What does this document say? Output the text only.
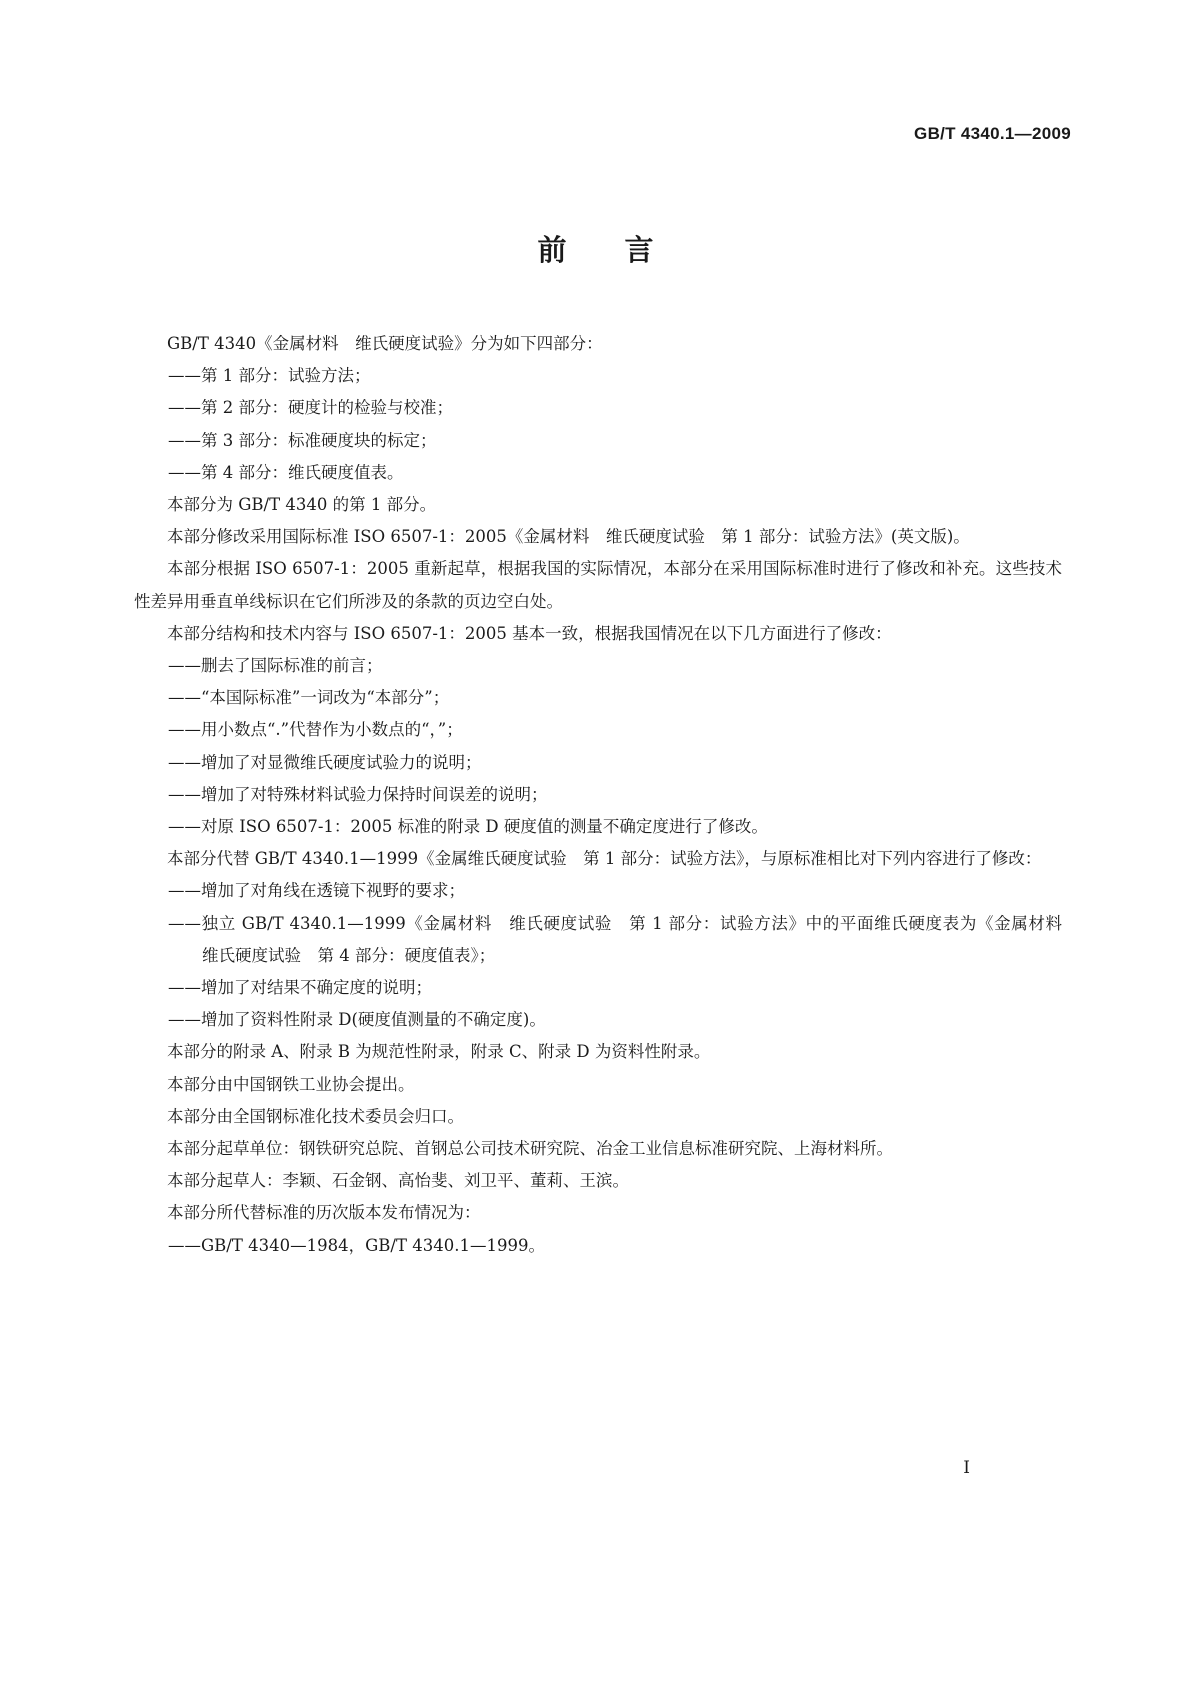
GB/T 4340.1—2009
前言

GB/T 4340《金属材料　维氏硬度试验》分为如下四部分：

——第 1 部分：试验方法；

——第 2 部分：硬度计的检验与校准；

——第 3 部分：标准硬度块的标定；

——第 4 部分：维氏硬度值表。

本部分为 GB/T 4340 的第 1 部分。

本部分修改采用国际标准 ISO 6507-1：2005《金属材料　维氏硬度试验　第 1 部分：试验方法》(英文版)。

本部分根据 ISO 6507-1：2005 重新起草，根据我国的实际情况，本部分在采用国际标准时进行了修改和补充。这些技术性差异用垂直单线标识在它们所涉及的条款的页边空白处。

本部分结构和技术内容与 ISO 6507-1：2005 基本一致，根据我国情况在以下几方面进行了修改：

——删去了国际标准的前言；

——“本国际标准”一词改为“本部分”；

——用小数点“.”代替作为小数点的“，”；

——增加了对显微维氏硬度试验力的说明；

——增加了对特殊材料试验力保持时间误差的说明；

——对原 ISO 6507-1：2005 标准的附录 D 硬度值的测量不确定度进行了修改。

本部分代替 GB/T 4340.1—1999《金属维氏硬度试验　第 1 部分：试验方法》，与原标准相比对下列内容进行了修改：

——增加了对角线在透镜下视野的要求；

——独立 GB/T 4340.1—1999《金属材料　维氏硬度试验　第 1 部分：试验方法》中的平面维氏硬度表为《金属材料　维氏硬度试验　第 4 部分：硬度值表》；

——增加了对结果不确定度的说明；

——增加了资料性附录 D(硬度值测量的不确定度)。

本部分的附录 A、附录 B 为规范性附录，附录 C、附录 D 为资料性附录。

本部分由中国钢铁工业协会提出。

本部分由全国钢标准化技术委员会归口。

本部分起草单位：钢铁研究总院、首钢总公司技术研究院、冶金工业信息标准研究院、上海材料所。

本部分起草人：李颖、石金钢、高怡斐、刘卫平、董莉、王滨。

本部分所代替标准的历次版本发布情况为：

——GB/T 4340—1984，GB/T 4340.1—1999。

I
